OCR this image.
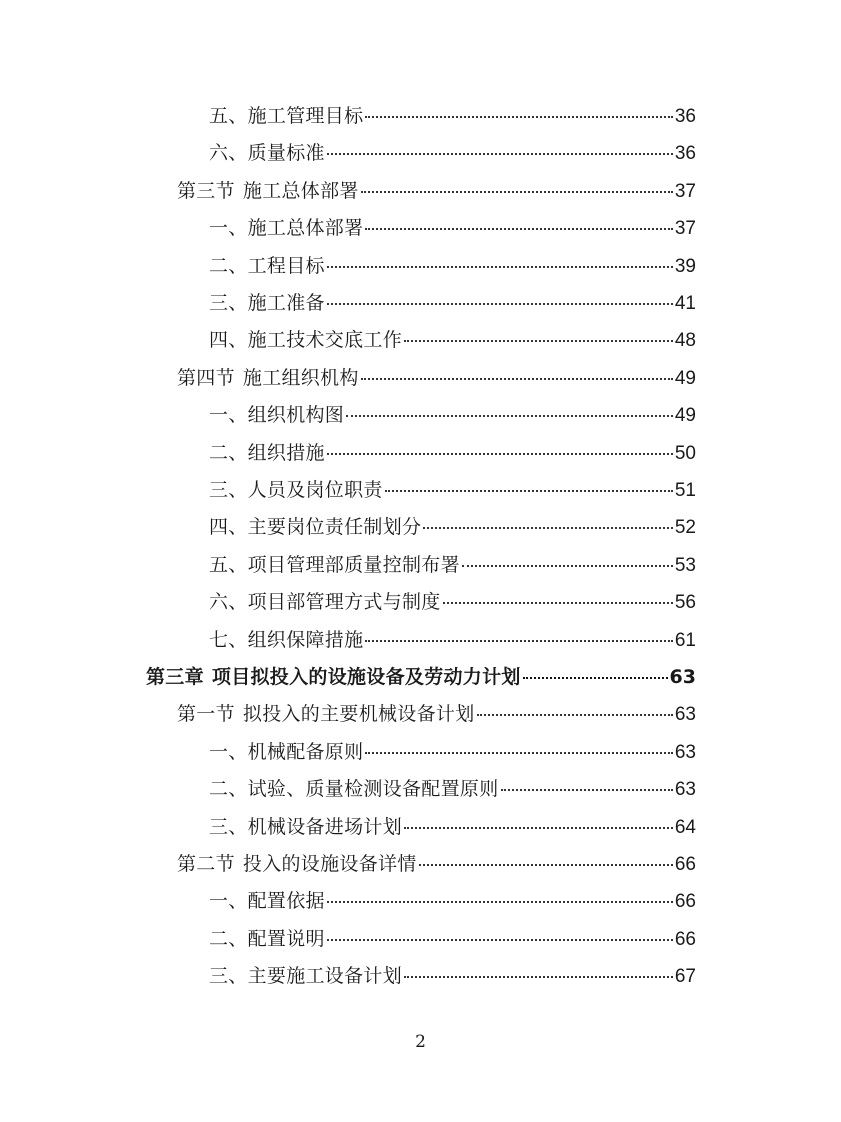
五、 施工管理目标	36
六、 质量标准	36
第三节 施工总体部署	37
一、 施工总体部署	37
二、 工程目标	39
三、 施工准备	41
四、 施工技术交底工作	48
第四节 施工组织机构	49
一、 组织机构图	49
二、 组织措施	50
三、 人员及岗位职责	51
四、 主要岗位责任制划分	52
五、 项目管理部质量控制布署	53
六、 项目部管理方式与制度	56
七、 组织保障措施	61
第三章 项目拟投入的设施设备及劳动力计划	63
第一节 拟投入的主要机械设备计划	63
一、 机械配备原则	63
二、 试验、质量检测设备配置原则	63
三、 机械设备进场计划	64
第二节 投入的设施设备详情	66
一、 配置依据	66
二、 配置说明	66
三、 主要施工设备计划	67
2
